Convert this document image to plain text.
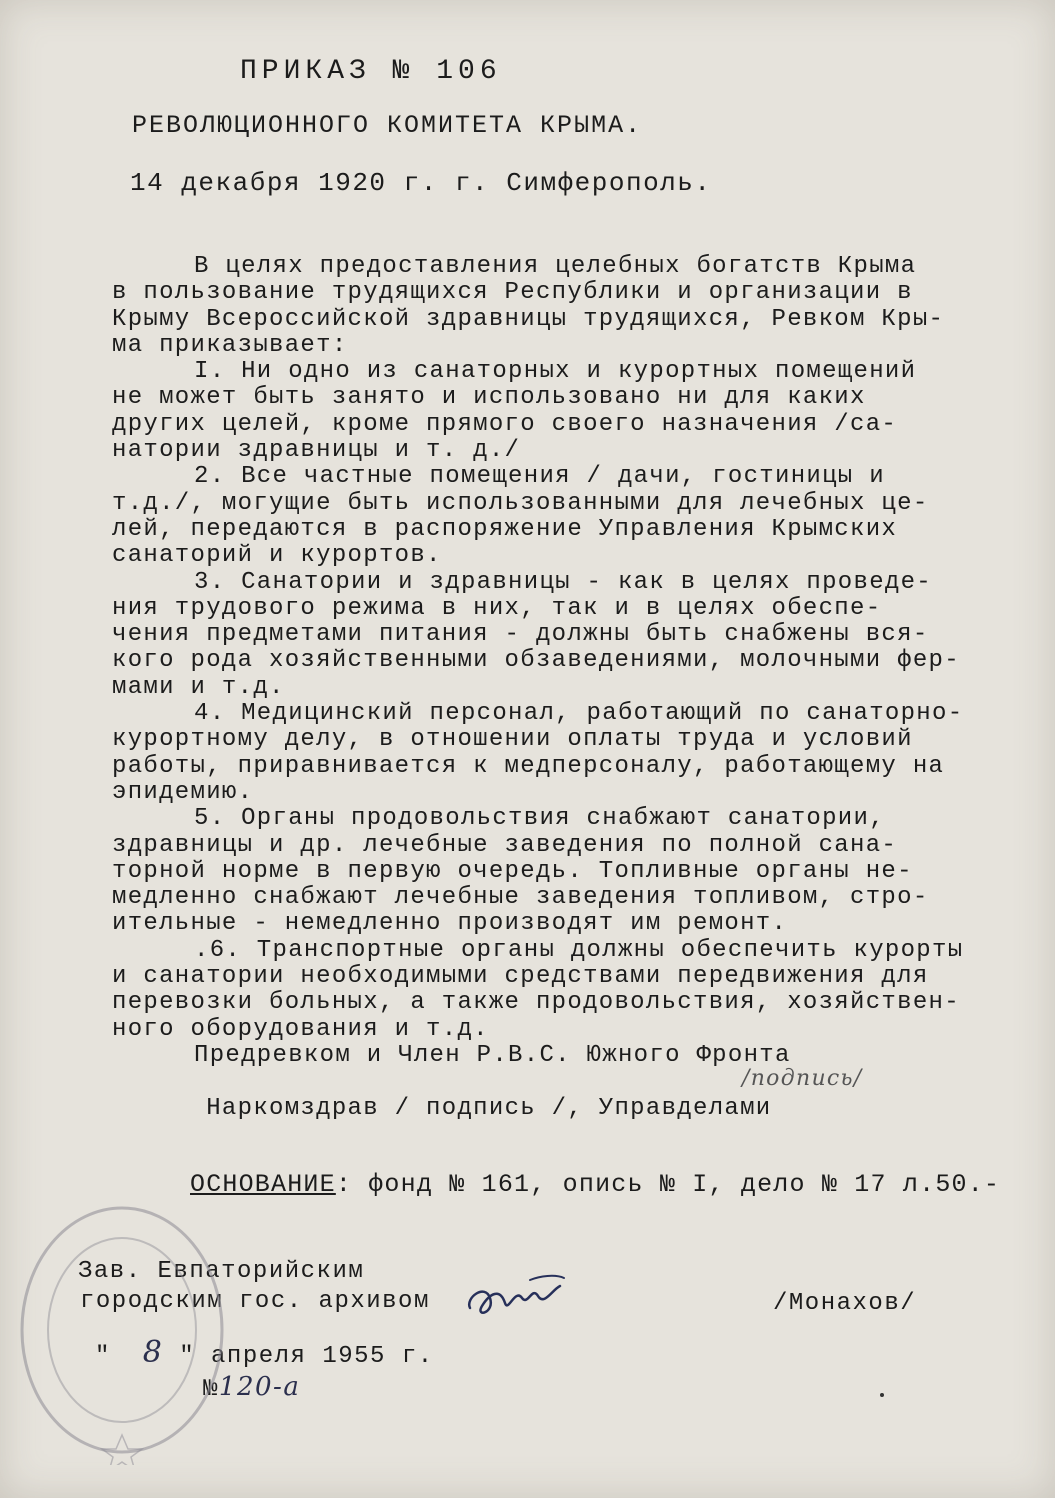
ПРИКАЗ № 106
РЕВОЛЮЦИОННОГО КОМИТЕТА КРЫМА.
14 декабря 1920 г. г. Симферополь.
В целях предоставления целебных богатств Крыма
в пользование трудящихся Республики и организации в
Крыму Всероссийской здравницы трудящихся, Ревком Кры-
ма приказывает:
I. Ни одно из санаторных и курортных помещений
не может быть занято и использовано ни для каких
других целей, кроме прямого своего назначения /са-
натории здравницы и т. д./
2. Все частные помещения / дачи, гостиницы и
т.д./, могущие быть использованными для лечебных це-
лей, передаются в распоряжение Управления Крымских
санаторий и курортов.
3. Санатории и здравницы - как в целях проведе-
ния трудового режима в них, так и в целях обеспе-
чения предметами питания - должны быть снабжены вся-
кого рода хозяйственными обзаведениями, молочными фер-
мами и т.д.
4. Медицинский персонал, работающий по санаторно-
курортному делу, в отношении оплаты труда и условий
работы, приравнивается к медперсоналу, работающему на
эпидемию.
5. Органы продовольствия снабжают санатории,
здравницы и др. лечебные заведения по полной сана-
торной норме в первую очередь. Топливные органы не-
медленно снабжают лечебные заведения топливом, стро-
ительные - немедленно производят им ремонт.
.6. Транспортные органы должны обеспечить курорты
и санатории необходимыми средствами передвижения для
перевозки больных, а также продовольствия, хозяйствен-
ного оборудования и т.д.
Предревком и Член Р.В.С. Южного Фронта

Наркомздрав / подпись /, Управделами

/подпись/

ОСНОВАНИЕ: фонд № 161, опись № I, дело № 17 л.50.-
Зав. Евпаторийским
городским гос. архивом	/Монахов/
" 8 " апреля 1955 г.
№120-а
